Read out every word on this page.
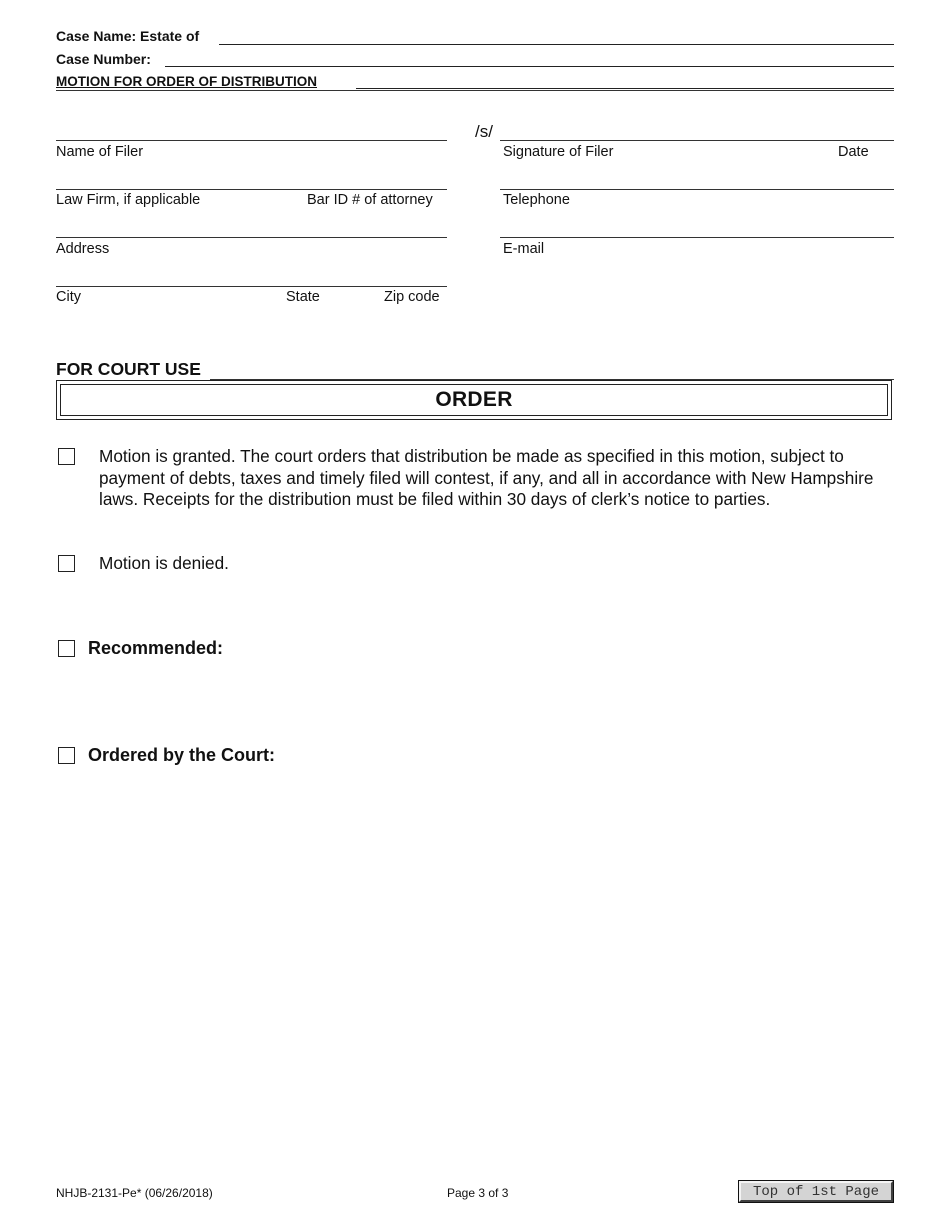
Case Name: Estate of
Case Number:
MOTION FOR ORDER OF DISTRIBUTION
Name of Filer
Law Firm, if applicable	Bar ID # of attorney
Address
City	State	Zip code
/s/
Signature of Filer	Date
Telephone
E-mail
FOR COURT USE
ORDER
Motion is granted. The court orders that distribution be made as specified in this motion, subject to payment of debts, taxes and timely filed will contest, if any, and all in accordance with New Hampshire laws. Receipts for the distribution must be filed within 30 days of clerk’s notice to parties.
Motion is denied.
Recommended:
Ordered by the Court:
NHJB-2131-Pe* (06/26/2018)	Page 3 of 3	Top of 1st Page
